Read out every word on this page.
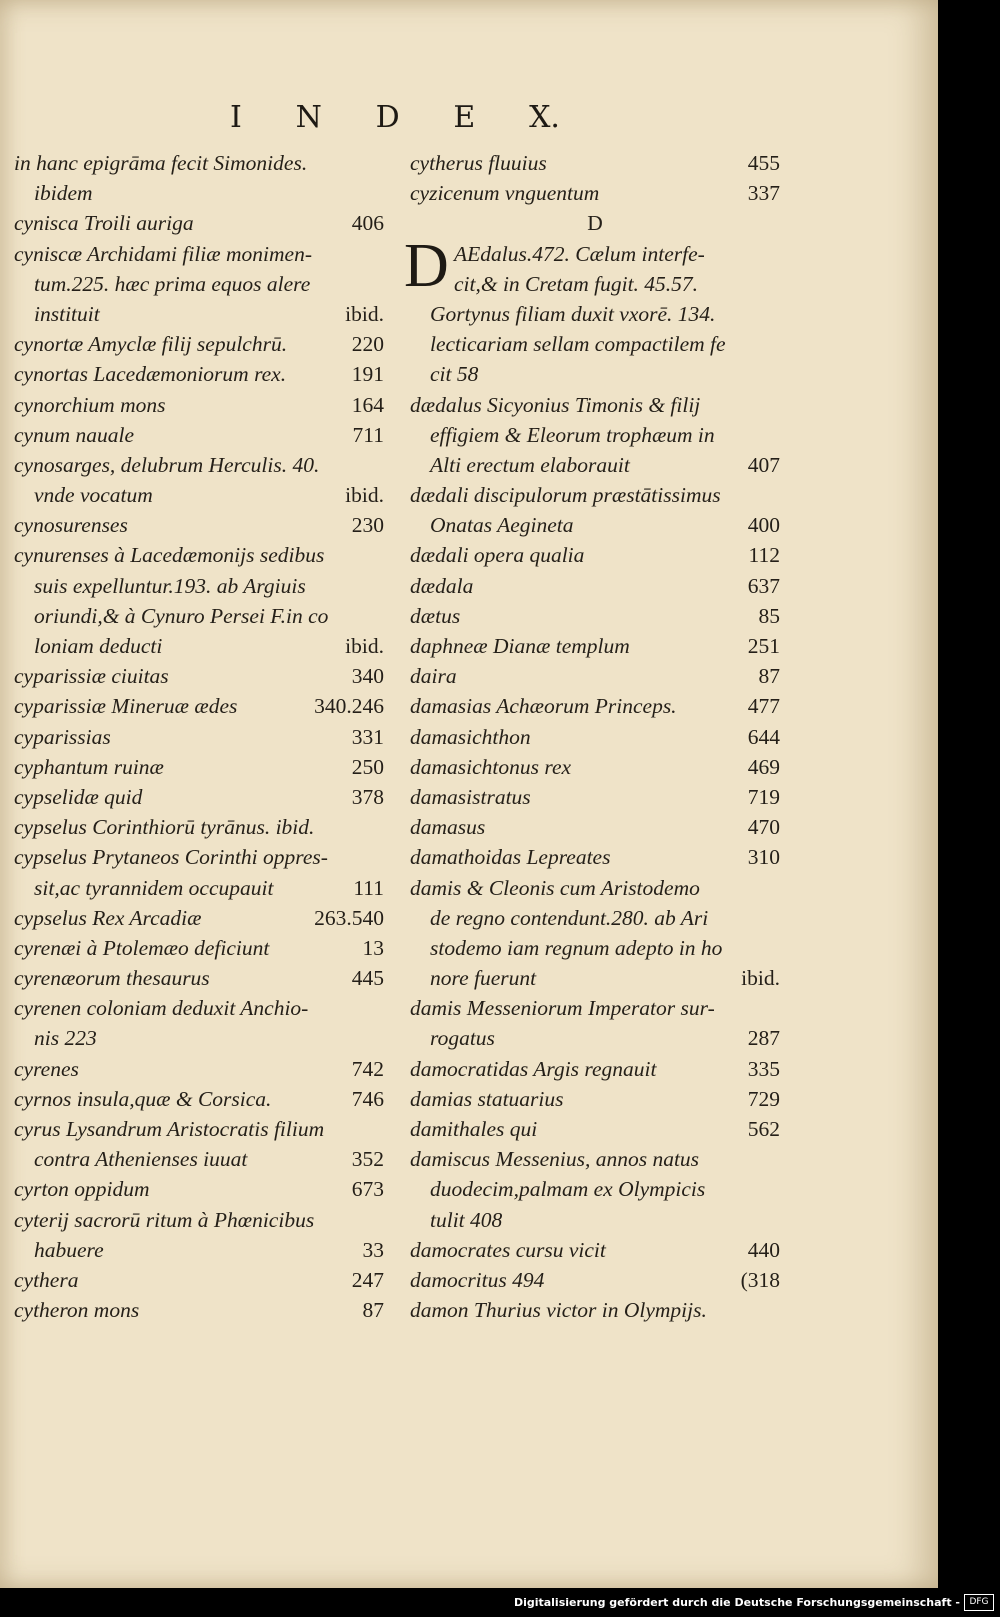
I N D E X.
in hanc epigrāma fecit Simonides.
ibidem
cynisca Troili auriga	406
cyniscæ Archidami filiæ monimen-
tum.225. hæc prima equos alere
instituit	ibid.
cynortæ Amyclæ filij sepulchrū.	220
cynortas Lacedæmoniorum rex.	191
cynorchium mons	164
cynum nauale	711
cynosarges, delubrum Herculis. 40.
vnde vocatum	ibid.
cynosurenses	230
cynurenses à Lacedæmonijs sedibus
suis expelluntur.193. ab Argiuis
oriundi,& à Cynuro Persei F.in co
loniam deducti	ibid.
cyparissiæ ciuitas	340
cyparissiæ Mineruæ ædes	340.246
cyparissias	331
cyphantum ruinæ	250
cypselidæ quid	378
cypselus Corinthiorū tyrānus. ibid.
cypselus Prytaneos Corinthi oppres-
sit,ac tyrannidem occupauit	111
cypselus Rex Arcadiæ	263.540
cyrenæi à Ptolemæo deficiunt	13
cyrenæorum thesaurus	445
cyrenen coloniam deduxit Anchio-
nis 223
cyrenes	742
cyrnos insula,quæ & Corsica.	746
cyrus Lysandrum Aristocratis filium
contra Athenienses iuuat	352
cyrton oppidum	673
cyterij sacrorū ritum à Phœnicibus
habuere	33
cythera	247
cytheron mons	87
cytherus fluuius	455
cyzicenum vnguentum	337
D
D AEdalus.472. Cælum interfe-
cit,& in Cretam fugit. 45.57.
Gortynus filiam duxit vxorē. 134.
lecticariam sellam compactilem fe
cit 58
dædalus Sicyonius Timonis & filij
effigiem & Eleorum trophæum in
Alti erectum elaborauit	407
dædali discipulorum præstātissimus
Onatas Aegineta	400
dædali opera qualia	112
dædala	637
dætus	85
daphneæ Dianæ templum	251
daira	87
damasias Achæorum Princeps.	477
damasichthon	644
damasichtonus rex	469
damasistratus	719
damasus	470
damathoidas Lepreates	310
damis & Cleonis cum Aristodemo
de regno contendunt.280. ab Ari
stodemo iam regnum adepto in ho
nore fuerunt	ibid.
damis Messeniorum Imperator sur-
rogatus	287
damocratidas Argis regnauit	335
damias statuarius	729
damithales qui	562
damiscus Messenius, annos natus
duodecim,palmam ex Olympicis
tulit 408
damocrates cursu vicit	440
damocritus 494	(318
damon Thurius victor in Olympijs.
Digitalisierung gefördert durch die Deutsche Forschungsgemeinschaft -	DFG
